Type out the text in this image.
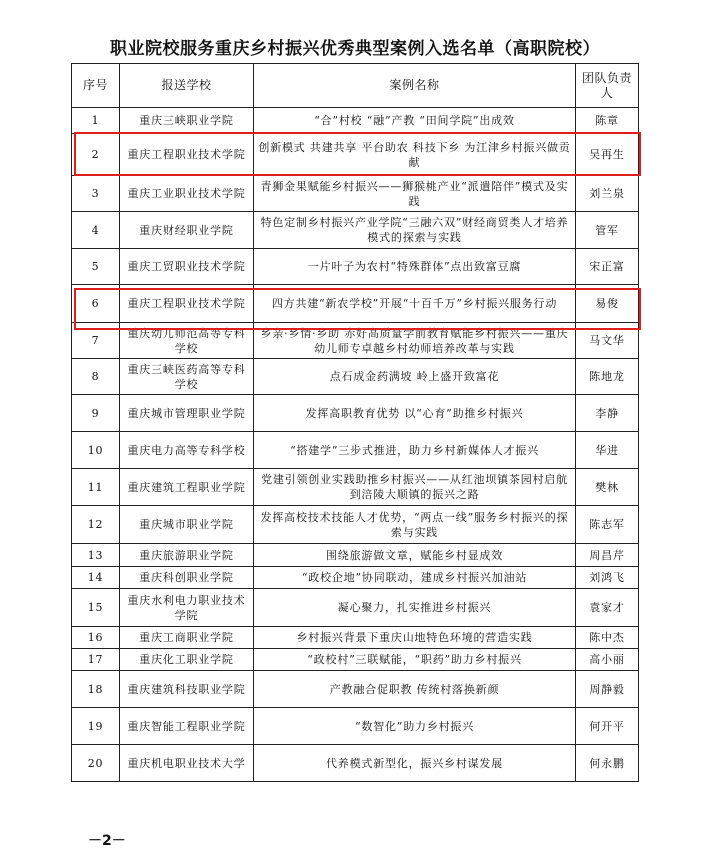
职业院校服务重庆乡村振兴优秀典型案例入选名单（高职院校）
序号	报送学校	案例名称	团队负责人
1	重庆三峡职业学院	“合”村校 “融”产教 “田间学院”出成效	陈章
2	重庆工程职业技术学院	创新模式 共建共享 平台助农 科技下乡 为江津乡村振兴做贡献	吴再生
3	重庆工业职业技术学院	青狮金果赋能乡村振兴——狮猴桃产业“派遣陪伴”模式及实践	刘兰泉
4	重庆财经职业学院	特色定制乡村振兴产业学院“三融六双”财经商贸类人才培养模式的探索与实践	管军
5	重庆工贸职业技术学院	一片叶子为农村“特殊群体”点出致富豆腐	宋正富
6	重庆工程职业技术学院	四方共建“新农学校”开展“十百千万”乡村振兴服务行动	易俊
7	重庆幼儿师范高等专科学校	乡亲·乡情·乡助 赤好高质量学前教育赋能乡村振兴——重庆幼儿师专卓越乡村幼师培养改革与实践	马文华
8	重庆三峡医药高等专科学校	点石成金药满坡 岭上盛开致富花	陈地龙
9	重庆城市管理职业学院	发挥高职教育优势 以“心育”助推乡村振兴	李静
10	重庆电力高等专科学校	“搭建学”三步式推进，助力乡村新媒体人才振兴	华进
11	重庆建筑工程职业学院	党建引领创业实践助推乡村振兴——从红池坝镇茶园村启航到涪陵大顺镇的振兴之路	樊林
12	重庆城市职业学院	发挥高校技术技能人才优势，“两点一线”服务乡村振兴的探索与实践	陈志军
13	重庆旅游职业学院	围绕旅游做文章，赋能乡村显成效	周昌芹
14	重庆科创职业学院	“政校企地”协同联动，建成乡村振兴加油站	刘鸿飞
15	重庆水利电力职业技术学院	凝心聚力，扎实推进乡村振兴	袁家才
16	重庆工商职业学院	乡村振兴背景下重庆山地特色环境的营造实践	陈中杰
17	重庆化工职业学院	“政校村”三联赋能，“职药”助力乡村振兴	高小丽
18	重庆建筑科技职业学院	产教融合促职教 传统村落换新颜	周静毅
19	重庆智能工程职业学院	“数智化”助力乡村振兴	何开平
20	重庆机电职业技术大学	代养模式新型化，振兴乡村谋发展	何永鹏
－2－
